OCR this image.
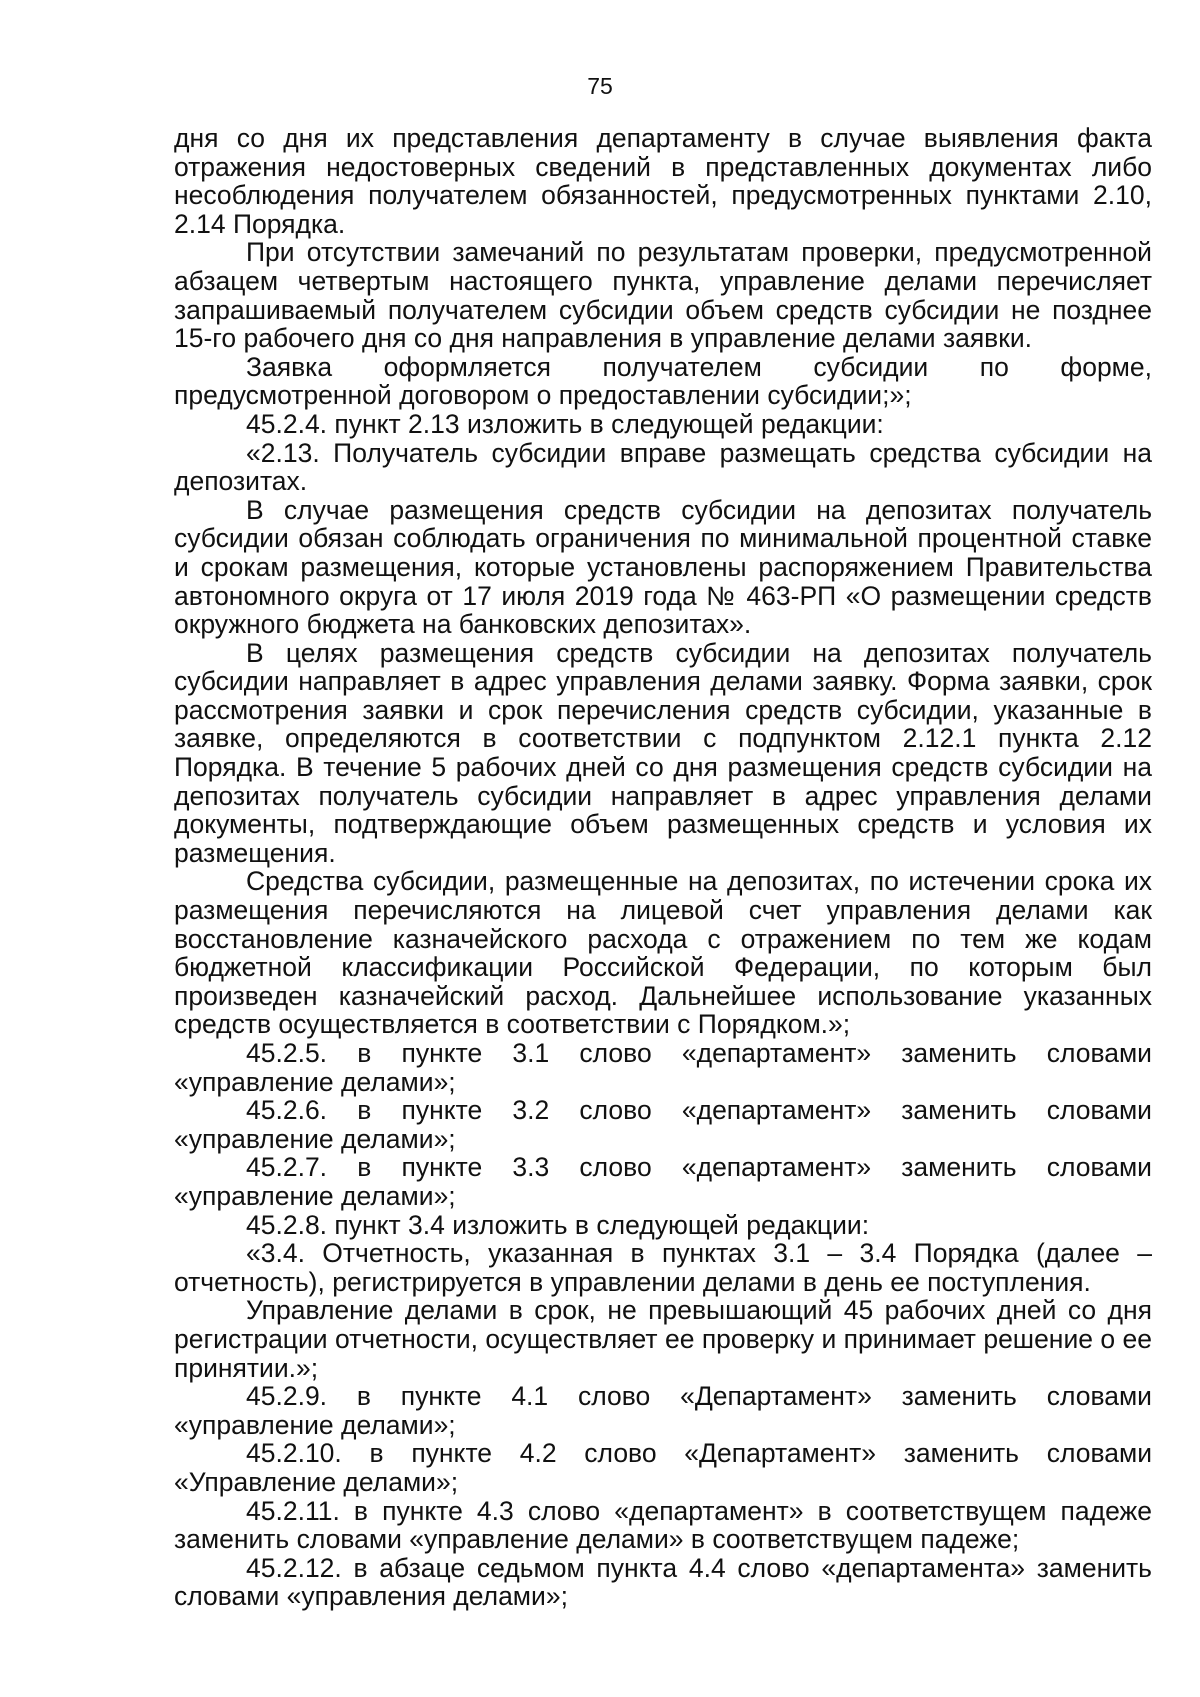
75

дня со дня их представления департаменту в случае выявления факта отражения недостоверных сведений в представленных документах либо несоблюдения получателем обязанностей, предусмотренных пунктами 2.10, 2.14 Порядка.

При отсутствии замечаний по результатам проверки, предусмотренной абзацем четвертым настоящего пункта, управление делами перечисляет запрашиваемый получателем субсидии объем средств субсидии не позднее 15-го рабочего дня со дня направления в управление делами заявки.

Заявка оформляется получателем субсидии по форме, предусмотренной договором о предоставлении субсидии;»;

45.2.4. пункт 2.13 изложить в следующей редакции:

«2.13. Получатель субсидии вправе размещать средства субсидии на депозитах.

В случае размещения средств субсидии на депозитах получатель субсидии обязан соблюдать ограничения по минимальной процентной ставке и срокам размещения, которые установлены распоряжением Правительства автономного округа от 17 июля 2019 года № 463-РП «О размещении средств окружного бюджета на банковских депозитах».

В целях размещения средств субсидии на депозитах получатель субсидии направляет в адрес управления делами заявку. Форма заявки, срок рассмотрения заявки и срок перечисления средств субсидии, указанные в заявке, определяются в соответствии с подпунктом 2.12.1 пункта 2.12 Порядка. В течение 5 рабочих дней со дня размещения средств субсидии на депозитах получатель субсидии направляет в адрес управления делами документы, подтверждающие объем размещенных средств и условия их размещения.

Средства субсидии, размещенные на депозитах, по истечении срока их размещения перечисляются на лицевой счет управления делами как восстановление казначейского расхода с отражением по тем же кодам бюджетной классификации Российской Федерации, по которым был произведен казначейский расход. Дальнейшее использование указанных средств осуществляется в соответствии с Порядком.»;

45.2.5. в пункте 3.1 слово «департамент» заменить словами «управление делами»;

45.2.6. в пункте 3.2 слово «департамент» заменить словами «управление делами»;

45.2.7. в пункте 3.3 слово «департамент» заменить словами «управление делами»;

45.2.8. пункт 3.4 изложить в следующей редакции:

«3.4. Отчетность, указанная в пунктах 3.1 – 3.4 Порядка (далее – отчетность), регистрируется в управлении делами в день ее поступления.

Управление делами в срок, не превышающий 45 рабочих дней со дня регистрации отчетности, осуществляет ее проверку и принимает решение о ее принятии.»;

45.2.9. в пункте 4.1 слово «Департамент» заменить словами «управление делами»;

45.2.10. в пункте 4.2 слово «Департамент» заменить словами «Управление делами»;

45.2.11. в пункте 4.3 слово «департамент» в соответствущем падеже заменить словами «управление делами» в соответствущем падеже;

45.2.12. в абзаце седьмом пункта 4.4 слово «департамента» заменить словами «управления делами»;
